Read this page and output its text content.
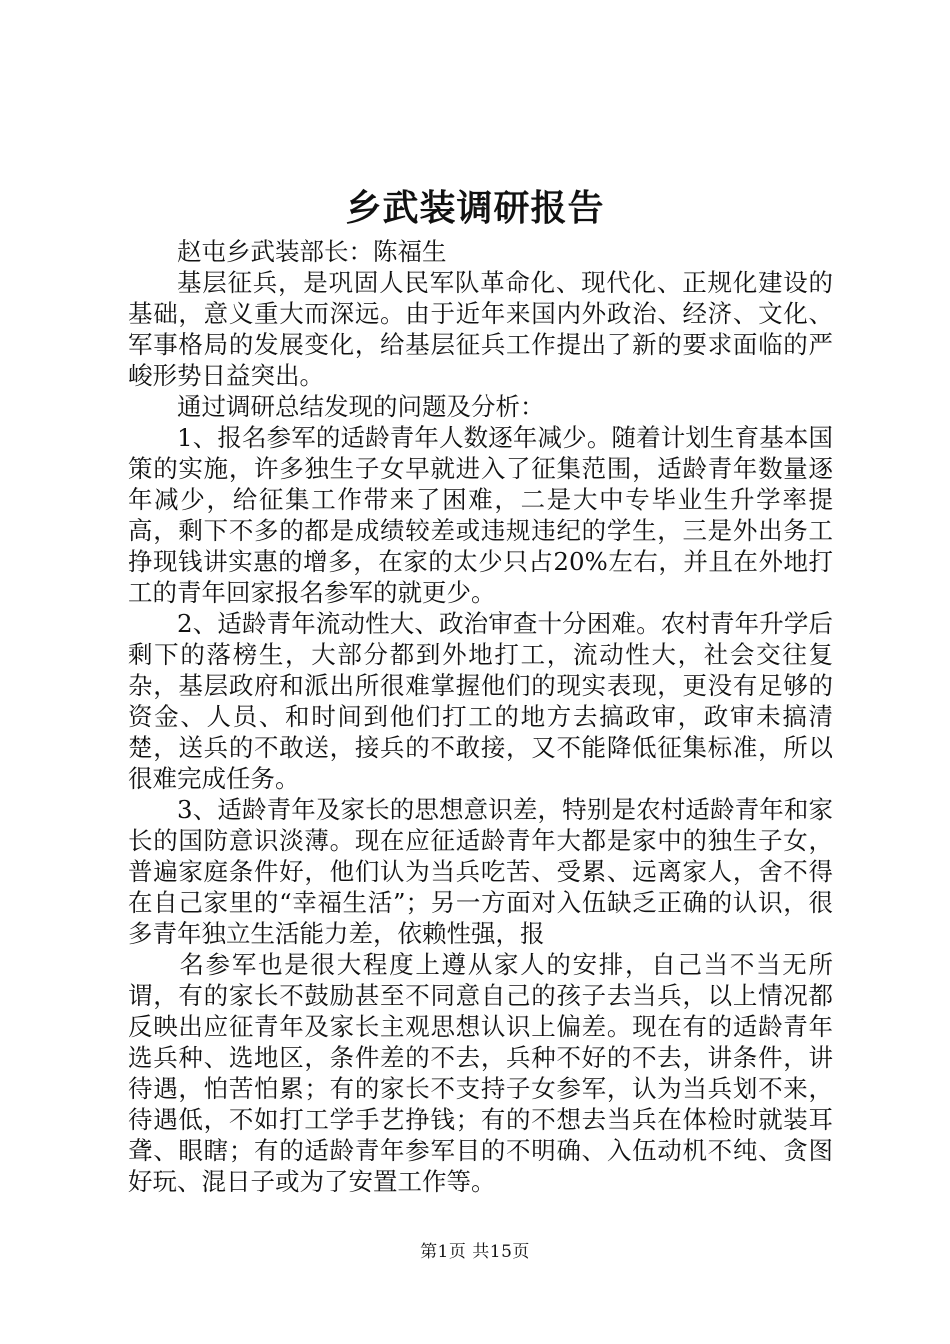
乡武装调研报告

赵屯乡武装部长：陈福生

基层征兵，是巩固人民军队革命化、现代化、正规化建设的基础，意义重大而深远。由于近年来国内外政治、经济、文化、军事格局的发展变化，给基层征兵工作提出了新的要求面临的严峻形势日益突出。

通过调研总结发现的问题及分析：

1、报名参军的适龄青年人数逐年减少。随着计划生育基本国策的实施，许多独生子女早就进入了征集范围，适龄青年数量逐年减少，给征集工作带来了困难，二是大中专毕业生升学率提高，剩下不多的都是成绩较差或违规违纪的学生，三是外出务工挣现钱讲实惠的增多，在家的太少只占20%左右，并且在外地打工的青年回家报名参军的就更少。

2、适龄青年流动性大、政治审查十分困难。农村青年升学后剩下的落榜生，大部分都到外地打工，流动性大，社会交往复杂，基层政府和派出所很难掌握他们的现实表现，更没有足够的资金、人员、和时间到他们打工的地方去搞政审，政审未搞清楚，送兵的不敢送，接兵的不敢接，又不能降低征集标准，所以很难完成任务。

3、适龄青年及家长的思想意识差，特别是农村适龄青年和家长的国防意识淡薄。现在应征适龄青年大都是家中的独生子女，普遍家庭条件好，他们认为当兵吃苦、受累、远离家人，舍不得在自己家里的“幸福生活”；另一方面对入伍缺乏正确的认识，很多青年独立生活能力差，依赖性强，报

名参军也是很大程度上遵从家人的安排，自己当不当无所谓，有的家长不鼓励甚至不同意自己的孩子去当兵，以上情况都反映出应征青年及家长主观思想认识上偏差。现在有的适龄青年选兵种、选地区，条件差的不去，兵种不好的不去，讲条件，讲待遇，怕苦怕累；有的家长不支持子女参军，认为当兵划不来，待遇低，不如打工学手艺挣钱；有的不想去当兵在体检时就装耳聋、眼瞎；有的适龄青年参军目的不明确、入伍动机不纯、贪图好玩、混日子或为了安置工作等。

第1页 共15页
